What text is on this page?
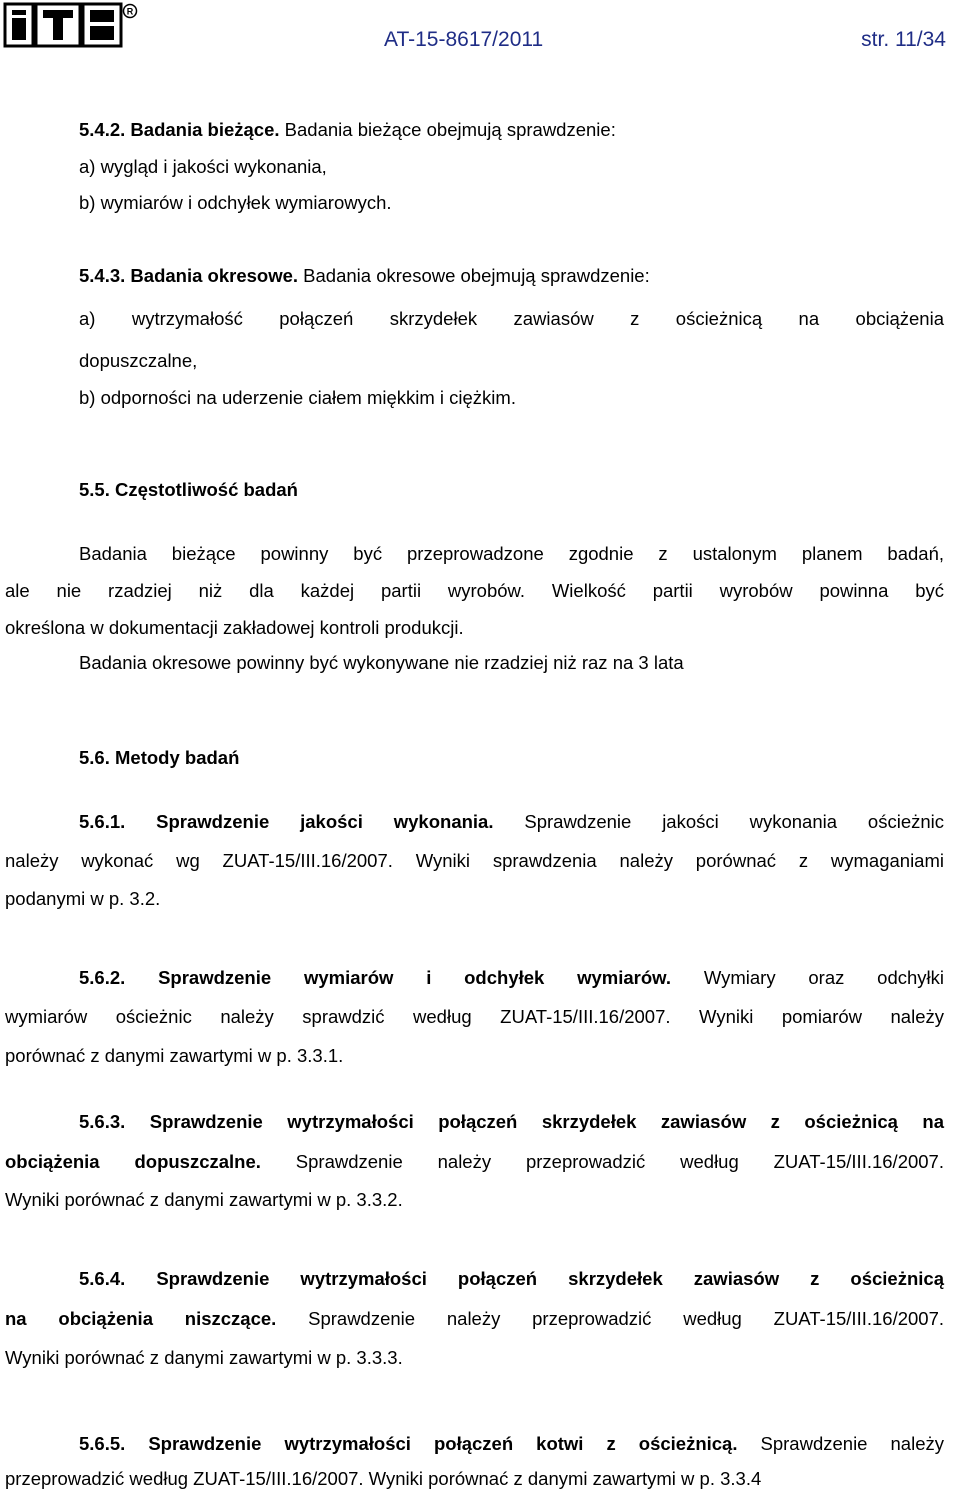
R
AT-15-8617/2011	str. 11/34
5.4.2. Badania bieżące. Badania bieżące obejmują sprawdzenie:
a) wygląd i jakości wykonania,
b) wymiarów i odchyłek wymiarowych.
5.4.3. Badania okresowe. Badania okresowe obejmują sprawdzenie:
a) wytrzymałość połączeń skrzydełek zawiasów z ościeżnicą na obciążenia
dopuszczalne,
b) odporności na uderzenie ciałem miękkim i ciężkim.
5.5. Częstotliwość badań
Badania bieżące powinny być przeprowadzone zgodnie z ustalonym planem badań,
ale nie rzadziej niż dla każdej partii wyrobów. Wielkość partii wyrobów powinna być
określona w dokumentacji zakładowej kontroli produkcji.
Badania okresowe powinny być wykonywane nie rzadziej niż raz na 3 lata
5.6. Metody badań
5.6.1. Sprawdzenie jakości wykonania. Sprawdzenie jakości wykonania ościeżnic
należy wykonać wg ZUAT-15/III.16/2007. Wyniki sprawdzenia należy porównać z wymaganiami
podanymi w p. 3.2.
5.6.2. Sprawdzenie wymiarów i odchyłek wymiarów. Wymiary oraz odchyłki
wymiarów ościeżnic należy sprawdzić według ZUAT-15/III.16/2007. Wyniki pomiarów należy
porównać z danymi zawartymi w p. 3.3.1.
5.6.3. Sprawdzenie wytrzymałości połączeń skrzydełek zawiasów z ościeżnicą na
obciążenia dopuszczalne. Sprawdzenie należy przeprowadzić według ZUAT-15/III.16/2007.
Wyniki porównać z danymi zawartymi w p. 3.3.2.
5.6.4. Sprawdzenie wytrzymałości połączeń skrzydełek zawiasów z ościeżnicą
na obciążenia niszczące. Sprawdzenie należy przeprowadzić według ZUAT-15/III.16/2007.
Wyniki porównać z danymi zawartymi w p. 3.3.3.
5.6.5. Sprawdzenie wytrzymałości połączeń kotwi z ościeżnicą. Sprawdzenie należy
przeprowadzić według ZUAT-15/III.16/2007. Wyniki porównać z danymi zawartymi w p. 3.3.4
